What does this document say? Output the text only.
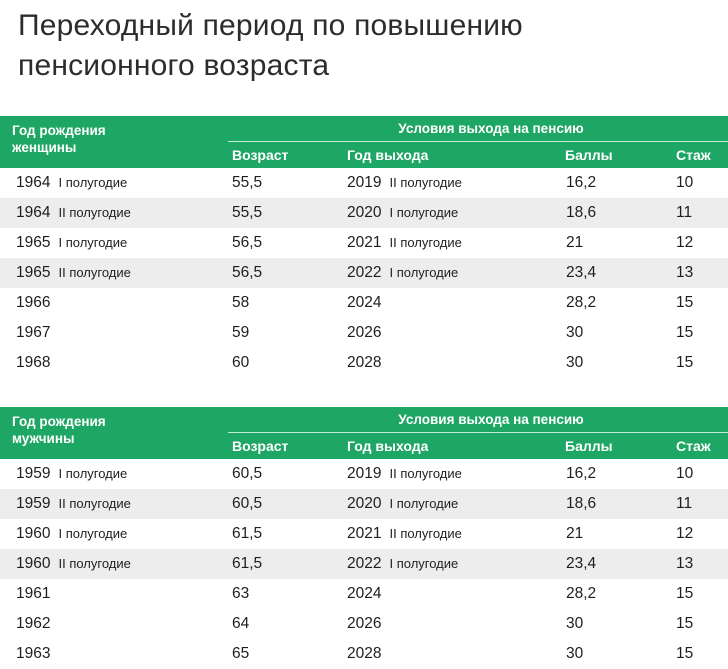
Переходный период по повышению
пенсионного возраста
Год рождения
женщины
Условия выхода на пенсию
Возраст	Год выхода	Баллы	Стаж
1964 I полугодие	55,5	2019 II полугодие	16,2	10
1964 II полугодие	55,5	2020 I полугодие	18,6	11
1965 I полугодие	56,5	2021 II полугодие	21	12
1965 II полугодие	56,5	2022 I полугодие	23,4	13
1966	58	2024	28,2	15
1967	59	2026	30	15
1968	60	2028	30	15
Год рождения
мужчины
Условия выхода на пенсию
Возраст	Год выхода	Баллы	Стаж
1959 I полугодие	60,5	2019 II полугодие	16,2	10
1959 II полугодие	60,5	2020 I полугодие	18,6	11
1960 I полугодие	61,5	2021 II полугодие	21	12
1960 II полугодие	61,5	2022 I полугодие	23,4	13
1961	63	2024	28,2	15
1962	64	2026	30	15
1963	65	2028	30	15
